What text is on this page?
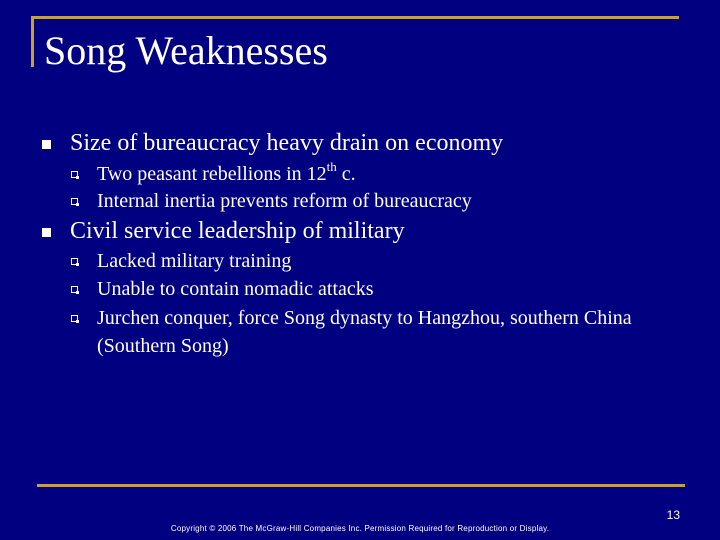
Song Weaknesses
Size of bureaucracy heavy drain on economy
Two peasant rebellions in 12th c.
Internal inertia prevents reform of bureaucracy
Civil service leadership of military
Lacked military training
Unable to contain nomadic attacks
Jurchen conquer, force Song dynasty to Hangzhou, southern China (Southern Song)
13
Copyright © 2006 The McGraw-Hill Companies Inc. Permission Required for Reproduction or Display.
